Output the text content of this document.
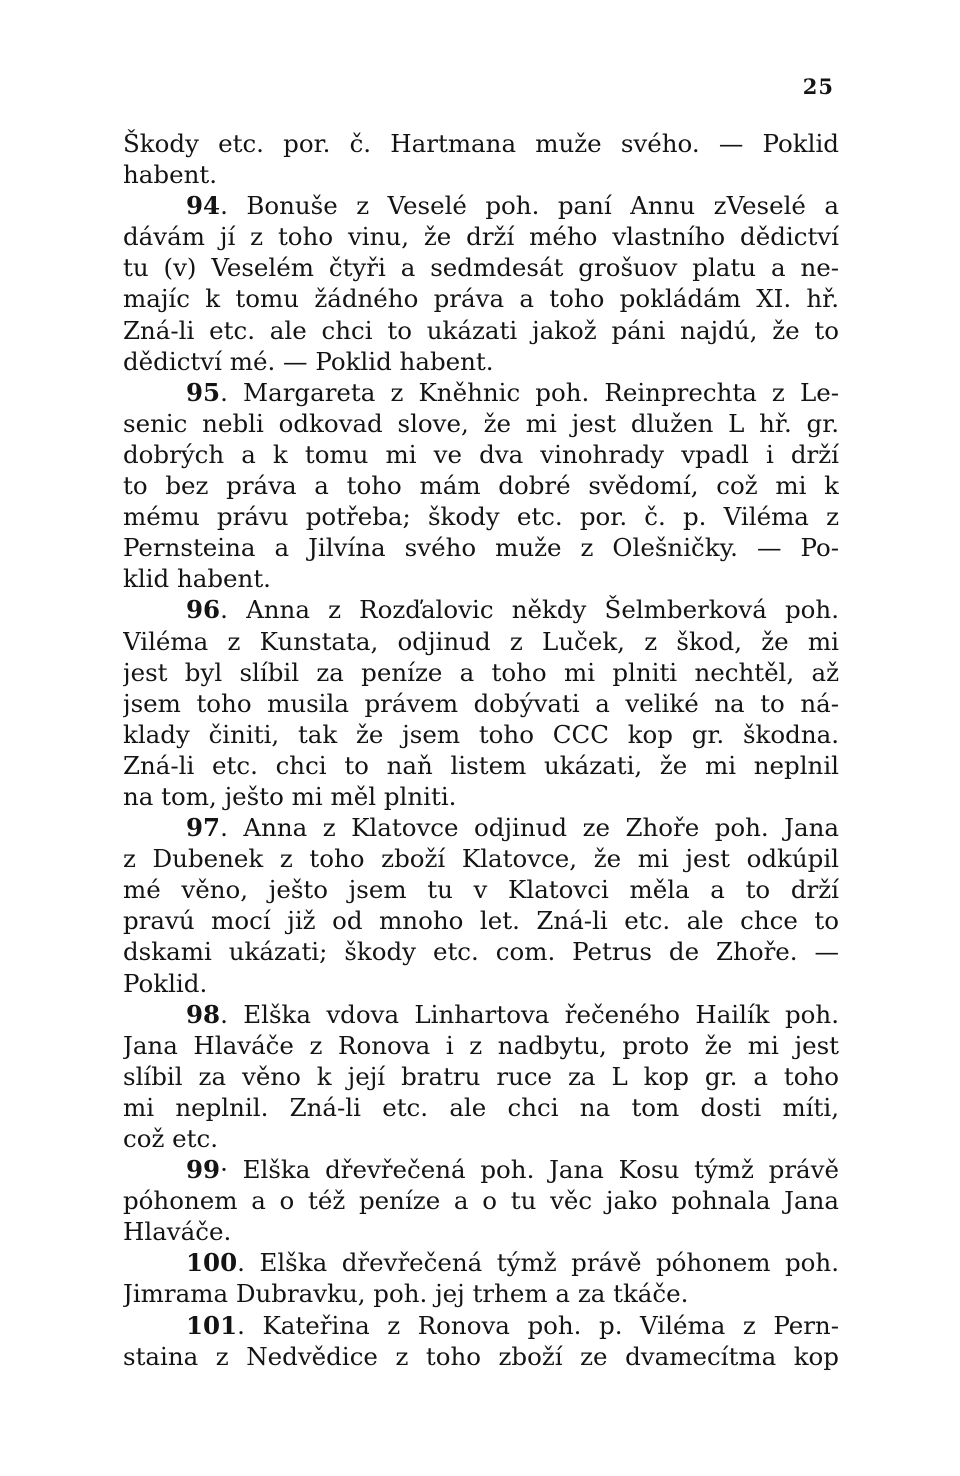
25
Škody etc. por. č. Hartmana muže svého. — Poklid
habent.
94. Bonuše z Veselé poh. paní Annu zVeselé a
dávám jí z toho vinu, že drží mého vlastního dědictví
tu (v) Veselém čtyři a sedmdesát grošuov platu a ne-
majíc k tomu žádného práva a toho pokládám XI. hř.
Zná-li etc. ale chci to ukázati jakož páni najdú, že to
dědictví mé. — Poklid habent.
95. Margareta z Kněhnic poh. Reinprechta z Le-
senic nebli odkovad slove, že mi jest dlužen L hř. gr.
dobrých a k tomu mi ve dva vinohrady vpadl i drží
to bez práva a toho mám dobré svědomí, což mi k
mému právu potřeba; škody etc. por. č. p. Viléma z
Pernsteina a Jilvína svého muže z Olešničky. — Po-
klid habent.
96. Anna z Rozďalovic někdy Šelmberková poh.
Viléma z Kunstata, odjinud z Luček, z škod, že mi
jest byl slíbil za peníze a toho mi plniti nechtěl, až
jsem toho musila právem dobývati a veliké na to ná-
klady činiti, tak že jsem toho CCC kop gr. škodna.
Zná-li etc. chci to naň listem ukázati, že mi neplnil
na tom, ješto mi měl plniti.
97. Anna z Klatovce odjinud ze Zhoře poh. Jana
z Dubenek z toho zboží Klatovce, že mi jest odkúpil
mé věno, ješto jsem tu v Klatovci měla a to drží
pravú mocí již od mnoho let. Zná-li etc. ale chce to
dskami ukázati; škody etc. com. Petrus de Zhoře. —
Poklid.
98. Elška vdova Linhartova řečeného Hailík poh.
Jana Hlaváče z Ronova i z nadbytu, proto že mi jest
slíbil za věno k její bratru ruce za L kop gr. a toho
mi neplnil. Zná-li etc. ale chci na tom dosti míti,
což etc.
99· Elška dřevřečená poh. Jana Kosu týmž právě
póhonem a o též peníze a o tu věc jako pohnala Jana
Hlaváče.
100. Elška dřevřečená týmž právě póhonem poh.
Jimrama Dubravku, poh. jej trhem a za tkáče.
101. Kateřina z Ronova poh. p. Viléma z Pern-
staina z Nedvědice z toho zboží ze dvamecítma kop
